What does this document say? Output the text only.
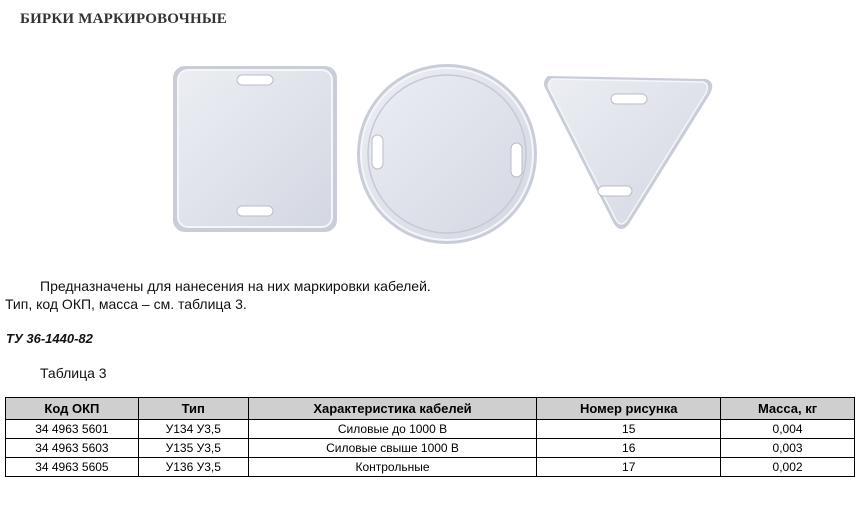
БИРКИ МАРКИРОВОЧНЫЕ
Предназначены для нанесения на них маркировки кабелей.
Тип, код ОКП, масса – см. таблица 3.
ТУ 36-1440-82
Таблица 3
Код ОКП	Тип	Характеристика кабелей	Номер рисунка	Масса, кг
34 4963 5601	У134 У3,5	Силовые до 1000 В	15	0,004
34 4963 5603	У135 У3,5	Силовые свыше 1000 В	16	0,003
34 4963 5605	У136 У3,5	Контрольные	17	0,002
